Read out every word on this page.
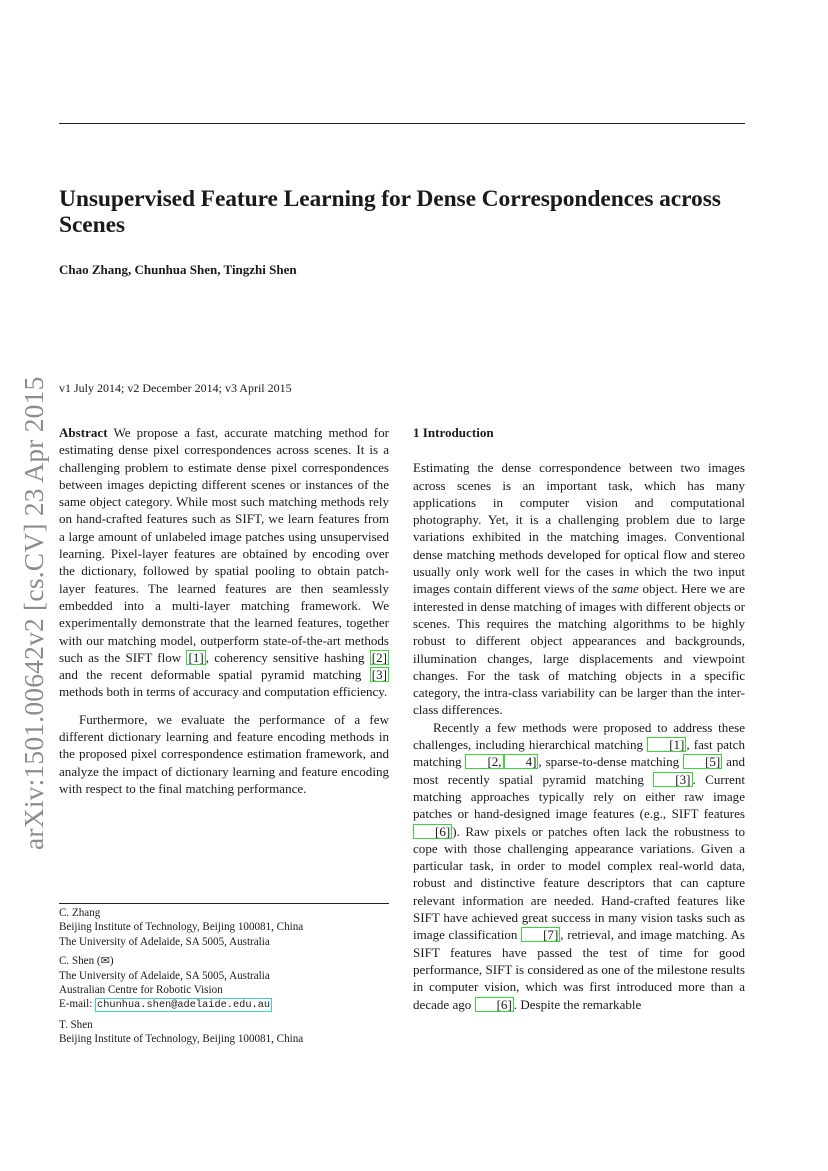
Unsupervised Feature Learning for Dense Correspondences across Scenes
Chao Zhang, Chunhua Shen, Tingzhi Shen
arXiv:1501.00642v2 [cs.CV] 23 Apr 2015 v1 July 2014; v2 December 2014; v3 April 2015

Abstract We propose a fast, accurate matching method for estimating dense pixel correspondences across scenes. It is a challenging problem to estimate dense pixel correspondences between images depicting different scenes or instances of the same object category. While most such matching methods rely on hand-crafted features such as SIFT, we learn features from a large amount of unlabeled image patches using unsupervised learning. Pixel-layer features are obtained by encoding over the dictionary, followed by spatial pooling to obtain patch-layer features. The learned features are then seamlessly embedded into a multi-layer matching framework. We experimentally demonstrate that the learned features, together with our matching model, outperform state-of-the-art methods such as the SIFT flow [1] , coherency sensitive hashing [2] and the recent deformable spatial pyramid matching [3] methods both in terms of accuracy and computation efficiency.

Furthermore, we evaluate the performance of a few different dictionary learning and feature encoding methods in the proposed pixel correspondence estimation framework, and analyze the impact of dictionary learning and feature encoding with respect to the final matching performance.

C. Zhang
Beijing Institute of Technology, Beijing 100081, China
The University of Adelaide, SA 5005, Australia
C. Shen (✉)
The University of Adelaide, SA 5005, Australia
Australian Centre for Robotic Vision
E-mail: chunhua.shen@adelaide.edu.au
T. Shen
Beijing Institute of Technology, Beijing 100081, China

1 Introduction

Estimating the dense correspondence between two images across scenes is an important task, which has many applications in computer vision and computational photography. Yet, it is a challenging problem due to large variations exhibited in the matching images. Conventional dense matching methods developed for optical flow and stereo usually only work well for the cases in which the two input images contain different views of the same object. Here we are interested in dense matching of images with different objects or scenes. This requires the matching algorithms to be highly robust to different object appearances and backgrounds, illumination changes, large displacements and viewpoint changes. For the task of matching objects in a specific category, the intra-class variability can be larger than the inter-class differences.

Recently a few methods were proposed to address these challenges, including hierarchical matching [1] , fast patch matching [2, 4] , sparse-to-dense matching [5] and most recently spatial pyramid matching [3] . Current matching approaches typically rely on either raw image patches or hand-designed image features (e.g., SIFT features [6] ). Raw pixels or patches often lack the robustness to cope with those challenging appearance variations. Given a particular task, in order to model complex real-world data, robust and distinctive feature descriptors that can capture relevant information are needed. Hand-crafted features like SIFT have achieved great success in many vision tasks such as image classification [7] , retrieval, and image matching. As SIFT features have passed the test of time for good performance, SIFT is considered as one of the milestone results in computer vision, which was first introduced more than a decade ago [6] . Despite the remarkable
